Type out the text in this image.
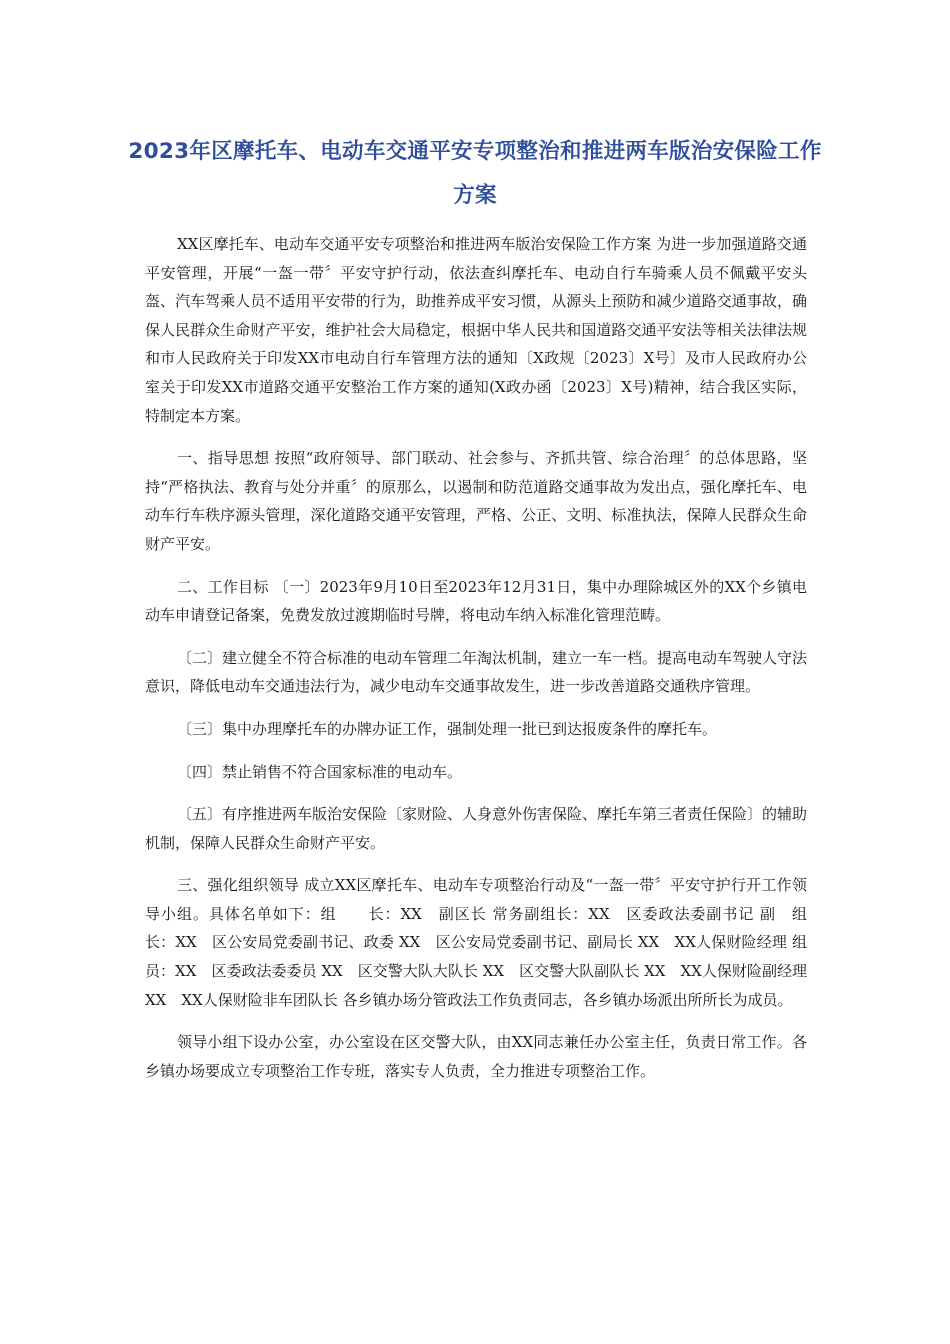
2023年区摩托车、电动车交通平安专项整治和推进两车版治安保险工作方案

XX区摩托车、电动车交通平安专项整治和推进两车版治安保险工作方案 为进一步加强道路交通平安管理，开展“一盔一带〞平安守护行动，依法查纠摩托车、电动自行车骑乘人员不佩戴平安头盔、汽车驾乘人员不适用平安带的行为，助推养成平安习惯，从源头上预防和减少道路交通事故，确保人民群众生命财产平安，维护社会大局稳定，根据中华人民共和国道路交通平安法等相关法律法规和市人民政府关于印发XX市电动自行车管理方法的通知〔X政规〔2023〕X号〕及市人民政府办公室关于印发XX市道路交通平安整治工作方案的通知(X政办函〔2023〕X号)精神，结合我区实际，特制定本方案。

一、指导思想 按照“政府领导、部门联动、社会参与、齐抓共管、综合治理〞的总体思路，坚持“严格执法、教育与处分并重〞的原那么，以遏制和防范道路交通事故为发出点，强化摩托车、电动车行车秩序源头管理，深化道路交通平安管理，严格、公正、文明、标准执法，保障人民群众生命财产平安。

二、工作目标 〔一〕2023年9月10日至2023年12月31日，集中办理除城区外的XX个乡镇电动车申请登记备案，免费发放过渡期临时号牌，将电动车纳入标准化管理范畴。

〔二〕建立健全不符合标准的电动车管理二年淘汰机制，建立一车一档。提高电动车驾驶人守法意识，降低电动车交通违法行为，减少电动车交通事故发生，进一步改善道路交通秩序管理。

〔三〕集中办理摩托车的办牌办证工作，强制处理一批已到达报废条件的摩托车。

〔四〕禁止销售不符合国家标准的电动车。

〔五〕有序推进两车版治安保险〔家财险、人身意外伤害保险、摩托车第三者责任保险〕的辅助机制，保障人民群众生命财产平安。

三、强化组织领导 成立XX区摩托车、电动车专项整治行动及“一盔一带〞平安守护行开工作领导小组。具体名单如下：组　　长：XX　副区长 常务副组长：XX　区委政法委副书记 副　组　长：XX　区公安局党委副书记、政委 XX　区公安局党委副书记、副局长 XX　XX人保财险经理 组　　员：XX　区委政法委委员 XX　区交警大队大队长 XX　区交警大队副队长 XX　XX人保财险副经理 XX　XX人保财险非车团队长 各乡镇办场分管政法工作负责同志，各乡镇办场派出所所长为成员。

领导小组下设办公室，办公室设在区交警大队，由XX同志兼任办公室主任，负责日常工作。各乡镇办场要成立专项整治工作专班，落实专人负责，全力推进专项整治工作。
